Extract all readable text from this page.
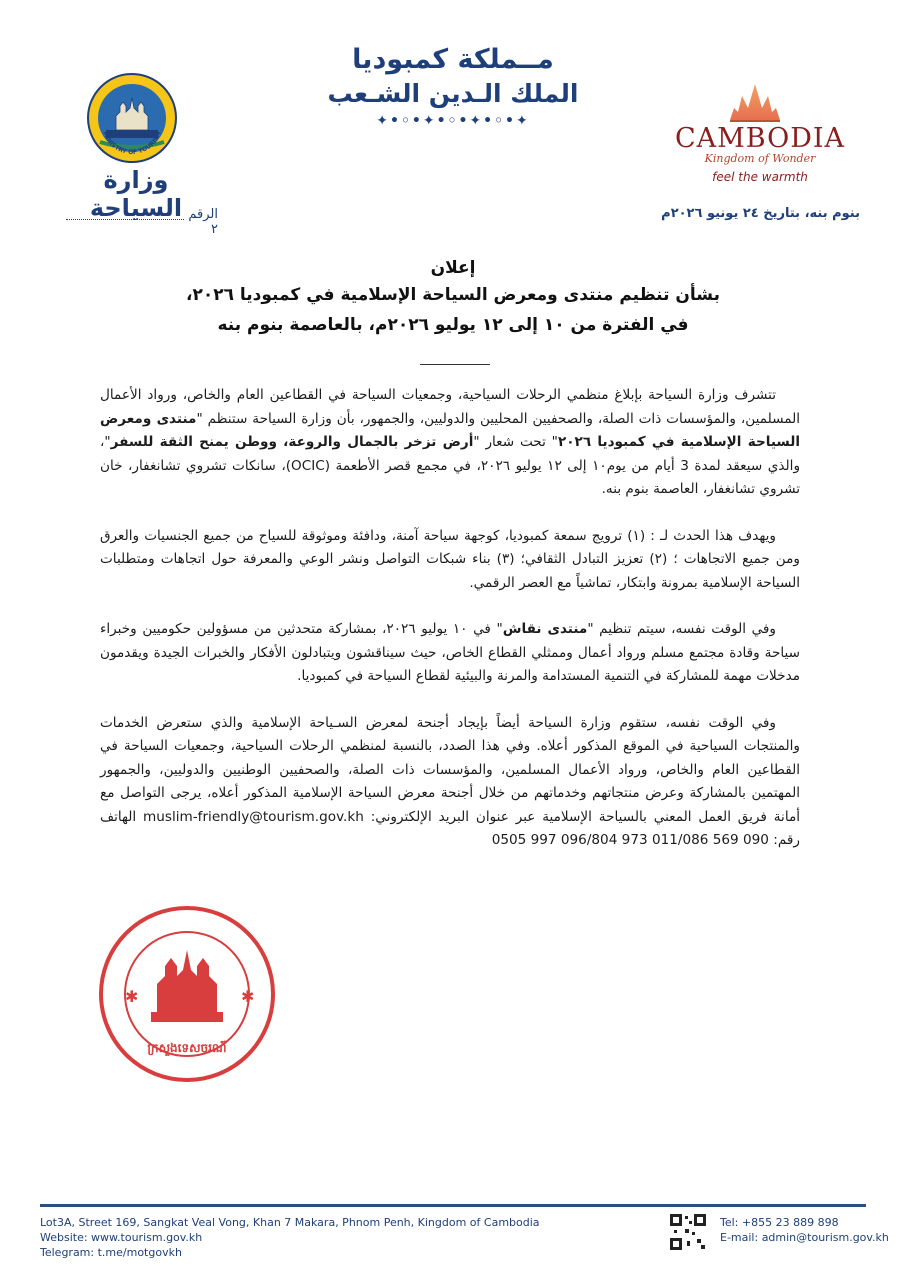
مــملكة كمبوديا
الملك الـدين الشـعب
✦•◦•✦•◦•✦•◦•✦
MINISTRY OF TOURISM
وزارة السياحة الرقم  ٢
CAMBODIA
Kingdom of Wonder
feel the warmth
بنوم بنه، بتاريخ ٢٤ يونيو ٢٠٢٦م
إعلان
بشأن تنظيم منتدى ومعرض السياحة الإسلامية في كمبوديا ٢٠٢٦،
في الفترة من ١٠ إلى ١٢ يوليو ٢٠٢٦م، بالعاصمة بنوم بنه

تتشرف وزارة السياحة بإبلاغ منظمي الرحلات السياحية، وجمعيات السياحة في القطاعين العام والخاص، ورواد الأعمال المسلمين، والمؤسسات ذات الصلة، والصحفيين المحليين والدوليين، والجمهور، بأن وزارة السياحة ستنظم "منتدى ومعرض السياحة الإسلامية في كمبوديا ٢٠٢٦" تحت شعار "أرض تزخر بالجمال والروعة، ووطن يمنح الثقة للسفر"، والذي سيعقد لمدة 3 أيام من يوم١٠ إلى ١٢ يوليو ٢٠٢٦، في مجمع قصر الأطعمة (OCIC)، سانكات تشروي تشانغفار، خان تشروي تشانغفار، العاصمة بنوم بنه.

ويهدف هذا الحدث لـ : (١) ترويج سمعة كمبوديا، كوجهة سياحة آمنة، ودافئة وموثوقة للسياح من جميع الجنسيات والعرق ومن جميع الاتجاهات ؛ (٢) تعزيز التبادل الثقافي؛ (٣) بناء شبكات التواصل ونشر الوعي والمعرفة حول اتجاهات ومتطلبات السياحة الإسلامية بمرونة وابتكار، تماشياً مع العصر الرقمي.

وفي الوقت نفسه، سيتم تنظيم "منتدى نقاش" في ١٠ يوليو ٢٠٢٦، بمشاركة متحدثين من مسؤولين حكوميين وخبراء سياحة وقادة مجتمع مسلم ورواد أعمال وممثلي القطاع الخاص، حيث سيناقشون ويتبادلون الأفكار والخبرات الجيدة ويقدمون مدخلات مهمة للمشاركة في التنمية المستدامة والمرنة والبيئية لقطاع السياحة في كمبوديا.

وفي الوقت نفسه، ستقوم وزارة السياحة أيضاً بإيجاد أجنحة لمعرض السـياحة الإسلامية والذي ستعرض الخدمات والمنتجات السياحية في الموقع المذكور أعلاه. وفي هذا الصدد، بالنسبة لمنظمي الرحلات السياحية، وجمعيات السياحة في القطاعين العام والخاص، ورواد الأعمال المسلمين، والمؤسسات ذات الصلة، والصحفيين الوطنيين والدوليين، والجمهور المهتمين بالمشاركة وعرض منتجاتهم وخدماتهم من خلال أجنحة معرض السياحة الإسلامية المذكور أعلاه، يرجى التواصل مع أمانة فريق العمل المعني بالسياحة الإسلامية عبر عنوان البريد الإلكتروني: muslim-friendly@tourism.gov.kh الهاتف رقم: 0505 997 096/804 973 011/086 569 090

ក្រសួងទេសចរណ៍
✱	✱
Lot3A, Street 169, Sangkat Veal Vong, Khan 7 Makara, Phnom Penh, Kingdom of Cambodia
Website: www.tourism.gov.kh
Telegram: t.me/motgovkh
Tel: +855 23 889 898
E-mail: admin@tourism.gov.kh
